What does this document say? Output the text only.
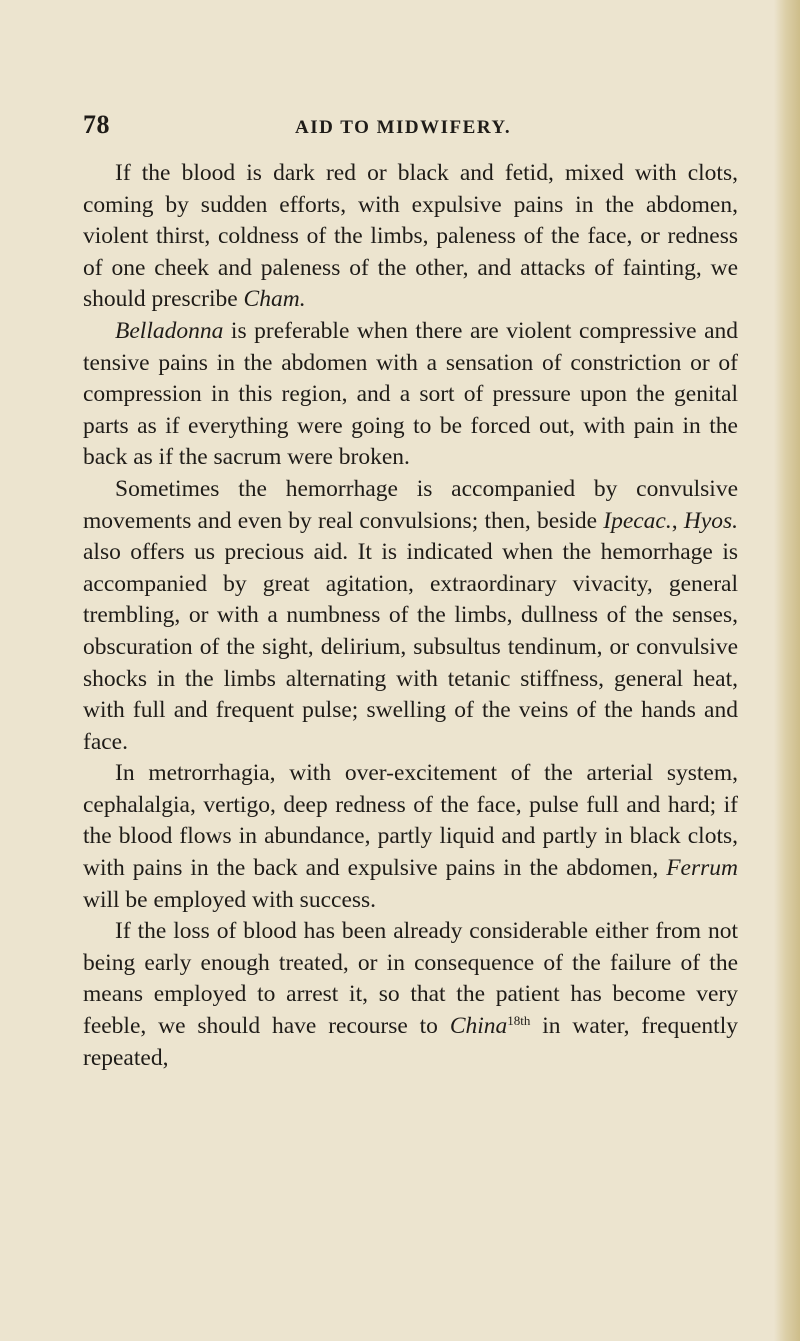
78	AID TO MIDWIFERY.

If the blood is dark red or black and fetid, mixed with clots, coming by sudden efforts, with expulsive pains in the abdomen, violent thirst, coldness of the limbs, paleness of the face, or redness of one cheek and paleness of the other, and attacks of fainting, we should prescribe Cham.

Belladonna is preferable when there are violent compressive and tensive pains in the abdomen with a sensation of constriction or of compression in this region, and a sort of pressure upon the genital parts as if everything were going to be forced out, with pain in the back as if the sacrum were broken.

Sometimes the hemorrhage is accompanied by convulsive movements and even by real convulsions; then, beside Ipecac., Hyos. also offers us precious aid. It is indicated when the hemorrhage is accompanied by great agitation, extraordinary vivacity, general trembling, or with a numbness of the limbs, dullness of the senses, obscuration of the sight, delirium, subsultus tendinum, or convulsive shocks in the limbs alternating with tetanic stiffness, general heat, with full and frequent pulse; swelling of the veins of the hands and face.

In metrorrhagia, with over-excitement of the arterial system, cephalalgia, vertigo, deep redness of the face, pulse full and hard; if the blood flows in abundance, partly liquid and partly in black clots, with pains in the back and expulsive pains in the abdomen, Ferrum will be employed with success.

If the loss of blood has been already considerable either from not being early enough treated, or in consequence of the failure of the means employed to arrest it, so that the patient has become very feeble, we should have recourse to China$^{18th}$ in water, frequently repeated,
